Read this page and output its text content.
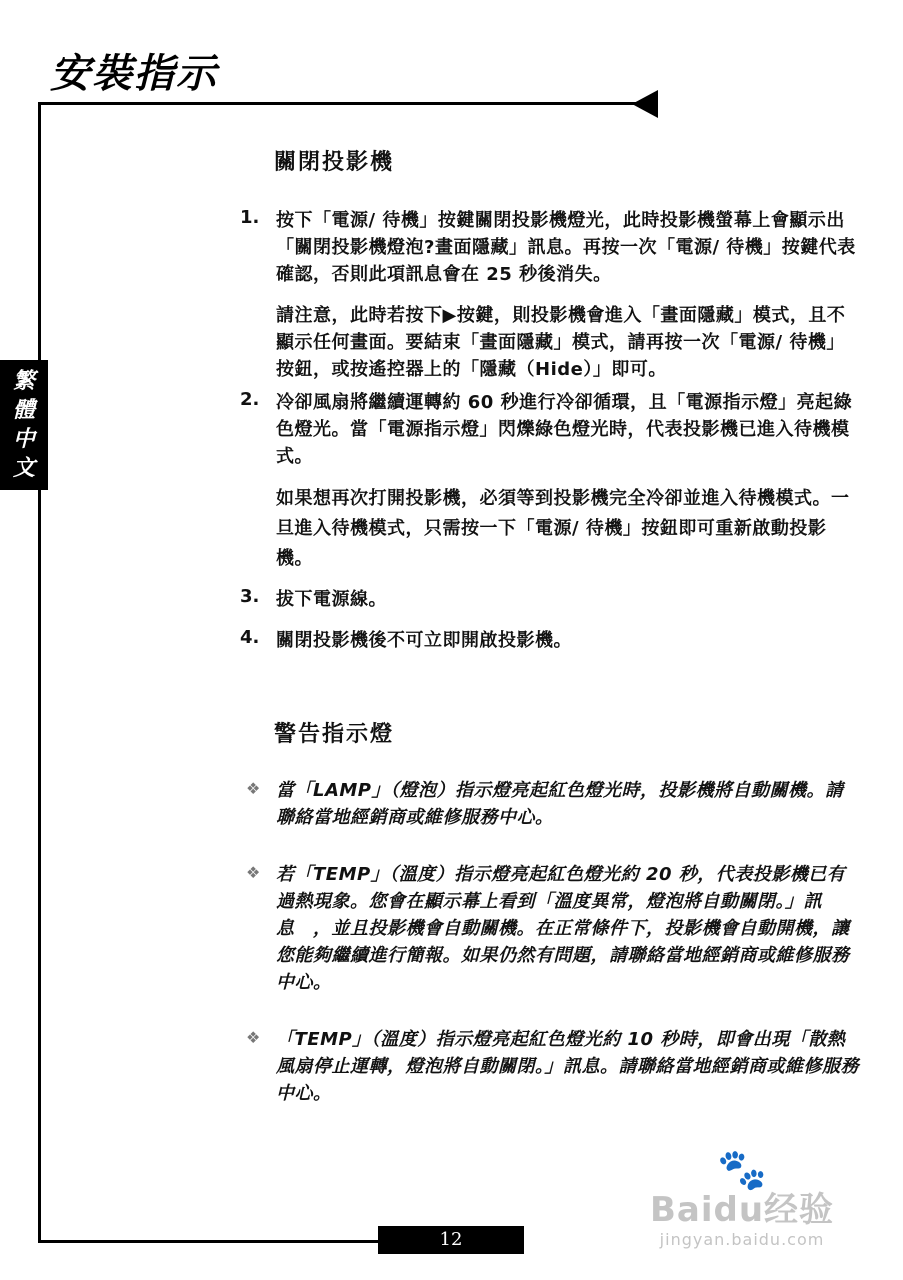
安裝指示
繁
體
中
文
關閉投影機
1. 按下「電源/ 待機」按鍵關閉投影機燈光，此時投影機螢幕上會顯示出「關閉投影機燈泡?畫面隱藏」訊息。再按一次「電源/ 待機」按鍵代表確認，否則此項訊息會在 25 秒後消失。

請注意，此時若按下▶按鍵，則投影機會進入「畫面隱藏」模式，且不顯示任何畫面。要結束「畫面隱藏」模式，請再按一次「電源/ 待機」按鈕，或按遙控器上的「隱藏（Hide）」即可。

2. 冷卻風扇將繼續運轉約 60 秒進行冷卻循環，且「電源指示燈」亮起綠色燈光。當「電源指示燈」閃爍綠色燈光時，代表投影機已進入待機模式。

如果想再次打開投影機，必須等到投影機完全冷卻並進入待機模式。一旦進入待機模式，只需按一下「電源/ 待機」按鈕即可重新啟動投影機。

3. 拔下電源線。

4. 關閉投影機後不可立即開啟投影機。

警告指示燈
❖ 當「LAMP」（燈泡）指示燈亮起紅色燈光時，投影機將自動關機。請聯絡當地經銷商或維修服務中心。

❖ 若「TEMP」（溫度）指示燈亮起紅色燈光約 20 秒，代表投影機已有過熱現象。您會在顯示幕上看到「溫度異常，燈泡將自動關閉。」訊息　，並且投影機會自動關機。在正常條件下，投影機會自動開機，讓您能夠繼續進行簡報。如果仍然有問題，請聯絡當地經銷商或維修服務中心。

❖ 「TEMP」（溫度）指示燈亮起紅色燈光約 10 秒時，即會出現「散熱風扇停止運轉，燈泡將自動關閉。」訊息。請聯絡當地經銷商或維修服務中心。

🐾
Baidu经验
jingyan.baidu.com
12
